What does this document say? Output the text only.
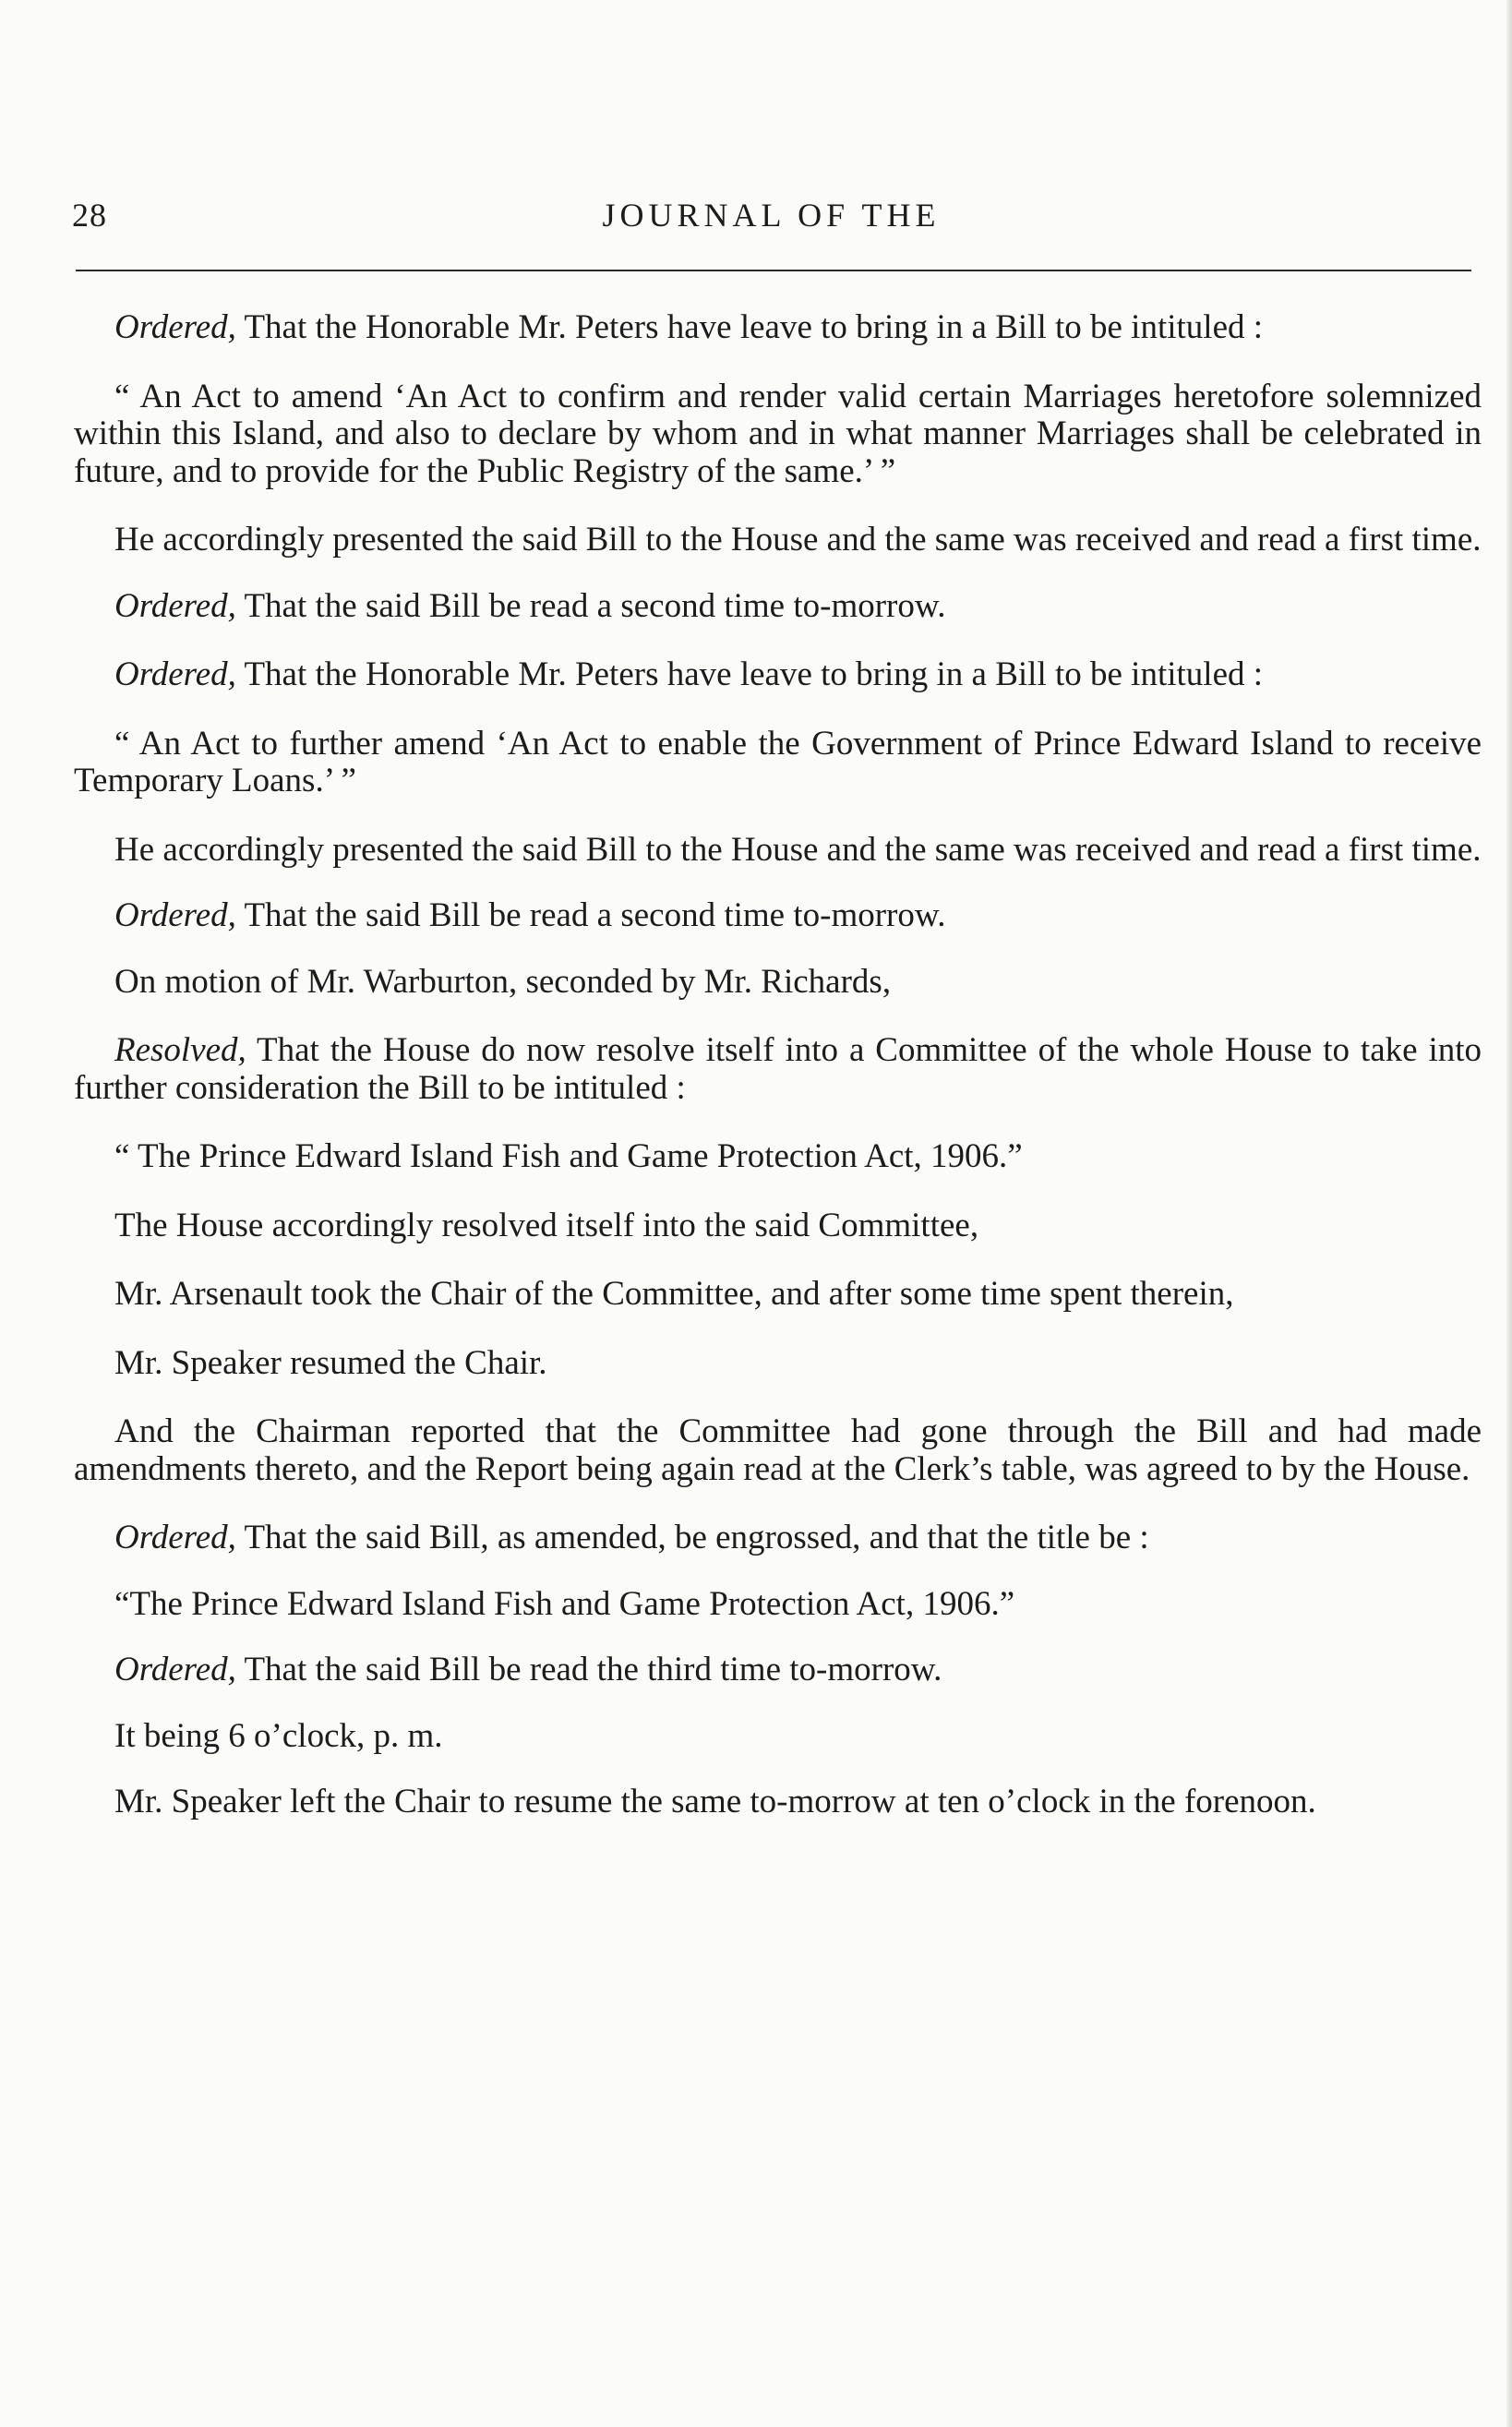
28	JOURNAL OF THE

Ordered, That the Honorable Mr. Peters have leave to bring in a Bill to be intituled :

“ An Act to amend ‘An Act to confirm and render valid certain Marriages heretofore solemnized within this Island, and also to declare by whom and in what manner Marriages shall be celebrated in future, and to provide for the Public Registry of the same.’ ”

He accordingly presented the said Bill to the House and the same was received and read a first time.

Ordered, That the said Bill be read a second time to-morrow.

Ordered, That the Honorable Mr. Peters have leave to bring in a Bill to be intituled :

“ An Act to further amend ‘An Act to enable the Government of Prince Edward Island to receive Temporary Loans.’ ”

He accordingly presented the said Bill to the House and the same was received and read a first time.

Ordered, That the said Bill be read a second time to-morrow.

On motion of Mr. Warburton, seconded by Mr. Richards,

Resolved, That the House do now resolve itself into a Committee of the whole House to take into further consideration the Bill to be intituled :

“ The Prince Edward Island Fish and Game Protection Act, 1906.”

The House accordingly resolved itself into the said Committee,

Mr. Arsenault took the Chair of the Committee, and after some time spent therein,

Mr. Speaker resumed the Chair.

And the Chairman reported that the Committee had gone through the Bill and had made amendments thereto, and the Report being again read at the Clerk’s table, was agreed to by the House.

Ordered, That the said Bill, as amended, be engrossed, and that the title be :

“The Prince Edward Island Fish and Game Protection Act, 1906.”

Ordered, That the said Bill be read the third time to-morrow.

It being 6 o’clock, p. m.

Mr. Speaker left the Chair to resume the same to-morrow at ten o’clock in the forenoon.
